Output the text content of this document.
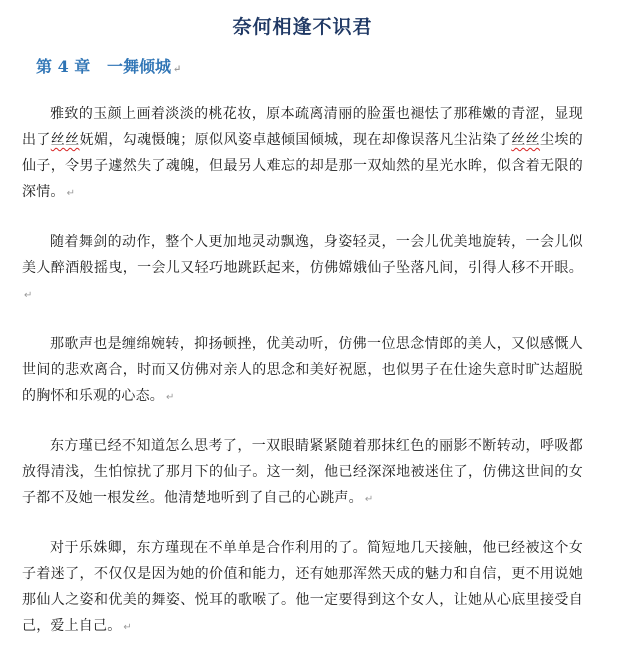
奈何相逢不识君
第 4 章   一舞倾城 ↵
雅致的玉颜上画着淡淡的桃花妆，原本疏离清丽的脸蛋也褪怯了那稚嫩的青涩，显现出了丝丝妩媚，勾魂慑魄；原似风姿卓越倾国倾城，现在却像误落凡尘沾染了丝丝尘埃的仙子，令男子遽然失了魂魄，但最另人难忘的却是那一双灿然的星光水眸，似含着无限的深情。 ↵
随着舞剑的动作，整个人更加地灵动飘逸，身姿轻灵，一会儿优美地旋转，一会儿似美人醉酒般摇曳，一会儿又轻巧地跳跃起来，仿佛嫦娥仙子坠落凡间，引得人移不开眼。↵
那歌声也是缠绵婉转，抑扬顿挫，优美动听，仿佛一位思念情郎的美人，又似感慨人世间的悲欢离合，时而又仿佛对亲人的思念和美好祝愿，也似男子在仕途失意时旷达超脱的胸怀和乐观的心态。 ↵
东方瑾已经不知道怎么思考了，一双眼睛紧紧随着那抹红色的丽影不断转动，呼吸都放得清浅，生怕惊扰了那月下的仙子。这一刻，他已经深深地被迷住了，仿佛这世间的女子都不及她一根发丝。他清楚地听到了自己的心跳声。 ↵
对于乐姝卿，东方瑾现在不单单是合作利用的了。简短地几天接触，他已经被这个女子着迷了，不仅仅是因为她的价值和能力，还有她那浑然天成的魅力和自信，更不用说她那仙人之姿和优美的舞姿、悦耳的歌喉了。他一定要得到这个女人，让她从心底里接受自己，爱上自己。 ↵
